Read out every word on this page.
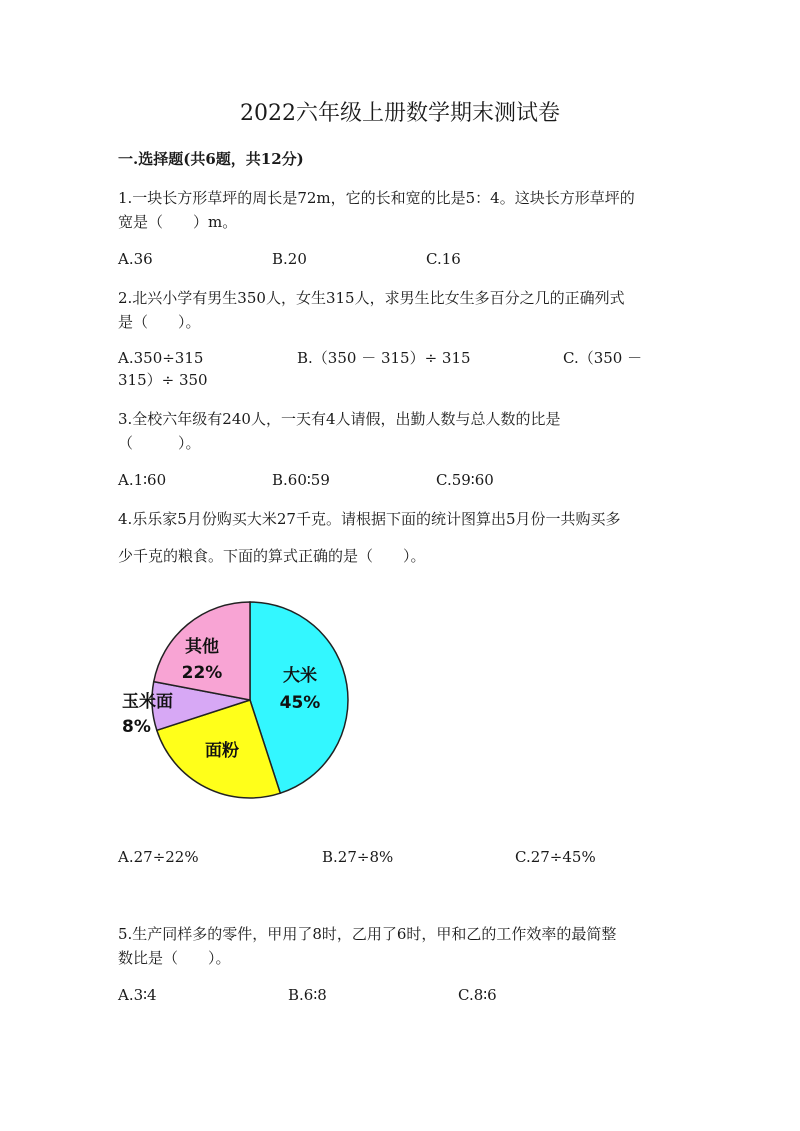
2022六年级上册数学期末测试卷
一.选择题(共6题，共12分)
1.一块长方形草坪的周长是72m，它的长和宽的比是5：4。这块长方形草坪的
宽是（　　）m。
A.36	B.20	C.16
2.北兴小学有男生350人，女生315人，求男生比女生多百分之几的正确列式
是（　　）。
A.350÷315	B.（350 － 315）÷ 315	C.（350 －
315）÷ 350
3.全校六年级有240人，一天有4人请假，出勤人数与总人数的比是
（　　　）。
A.1∶60	B.60∶59	C.59∶60
4.乐乐家5月份购买大米27千克。请根据下面的统计图算出5月份一共购买多
少千克的粮食。下面的算式正确的是（　　）。
其他
22%	大米
45%
玉米面
8%
面粉
A.27÷22%	B.27÷8%	C.27÷45%
5.生产同样多的零件，甲用了8时，乙用了6时，甲和乙的工作效率的最简整
数比是（　　）。
A.3∶4	B.6∶8	C.8∶6
